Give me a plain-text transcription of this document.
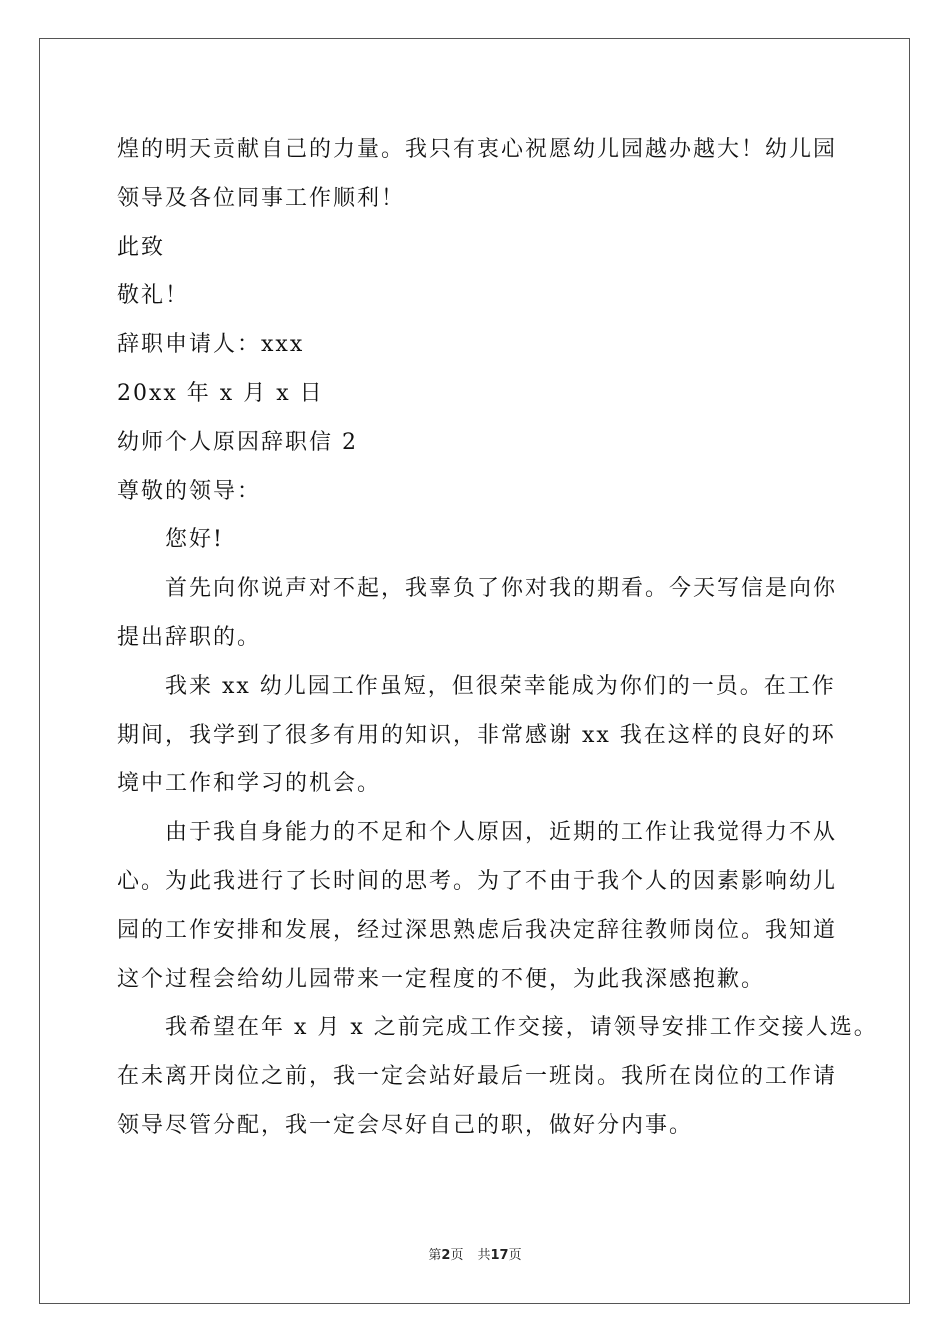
煌的明天贡献自己的力量。我只有衷心祝愿幼儿园越办越大！幼儿园

领导及各位同事工作顺利！

此致

敬礼！

辞职申请人：xxx

20xx 年 x 月 x 日

幼师个人原因辞职信 2

尊敬的领导：

您好!

首先向你说声对不起，我辜负了你对我的期看。今天写信是向你

提出辞职的。

我来 xx 幼儿园工作虽短，但很荣幸能成为你们的一员。在工作

期间，我学到了很多有用的知识，非常感谢 xx 我在这样的良好的环

境中工作和学习的机会。

由于我自身能力的不足和个人原因，近期的工作让我觉得力不从

心。为此我进行了长时间的思考。为了不由于我个人的因素影响幼儿

园的工作安排和发展，经过深思熟虑后我决定辞往教师岗位。我知道

这个过程会给幼儿园带来一定程度的不便，为此我深感抱歉。

我希望在年 x 月 x 之前完成工作交接，请领导安排工作交接人选。

在未离开岗位之前，我一定会站好最后一班岗。我所在岗位的工作请

领导尽管分配，我一定会尽好自己的职，做好分内事。

第2页 共17页
